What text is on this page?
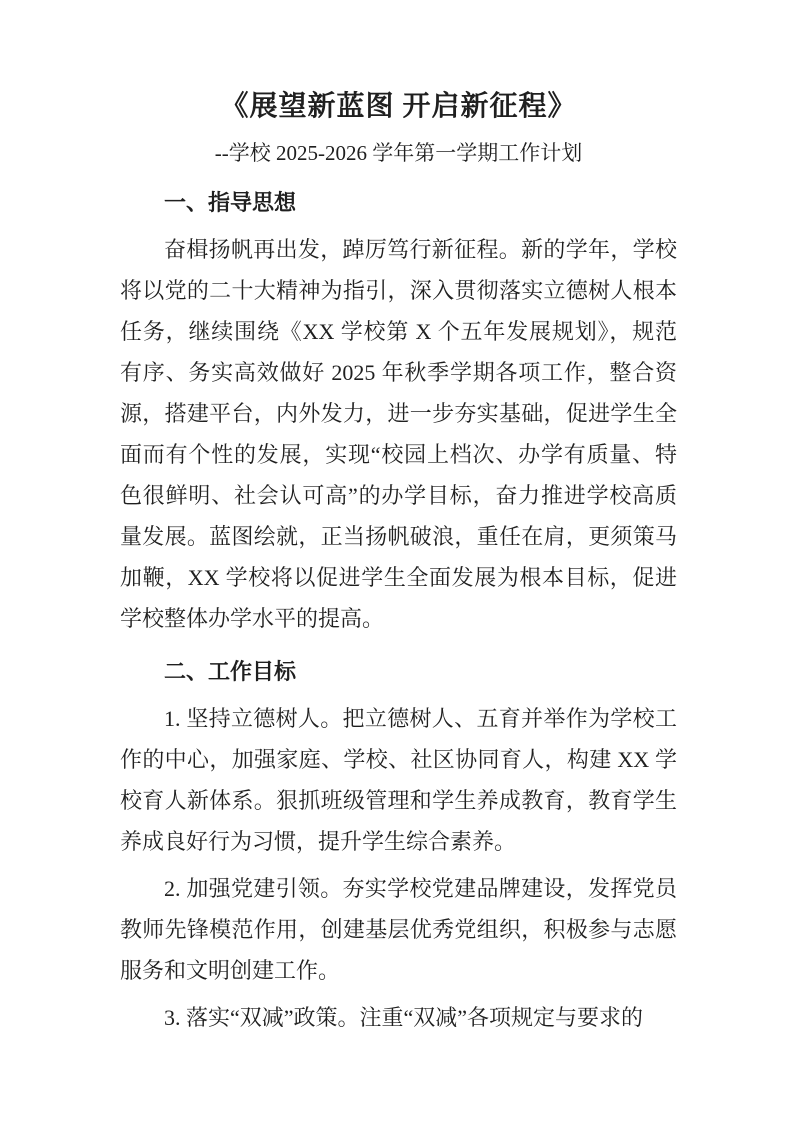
《展望新蓝图 开启新征程》
--学校 2025-2026 学年第一学期工作计划
一、指导思想

奋楫扬帆再出发，踔厉笃行新征程。新的学年，学校将以党的二十大精神为指引，深入贯彻落实立德树人根本任务，继续围绕《XX 学校第 X 个五年发展规划》，规范有序、务实高效做好 2025 年秋季学期各项工作，整合资源，搭建平台，内外发力，进一步夯实基础，促进学生全面而有个性的发展，实现“校园上档次、办学有质量、特色很鲜明、社会认可高”的办学目标，奋力推进学校高质量发展。蓝图绘就，正当扬帆破浪，重任在肩，更须策马加鞭，XX 学校将以促进学生全面发展为根本目标，促进学校整体办学水平的提高。

二、工作目标

1. 坚持立德树人。把立德树人、五育并举作为学校工作的中心，加强家庭、学校、社区协同育人，构建 XX 学校育人新体系。狠抓班级管理和学生养成教育，教育学生养成良好行为习惯，提升学生综合素养。

2. 加强党建引领。夯实学校党建品牌建设，发挥党员教师先锋模范作用，创建基层优秀党组织，积极参与志愿服务和文明创建工作。

3. 落实“双减”政策。注重“双减”各项规定与要求的
